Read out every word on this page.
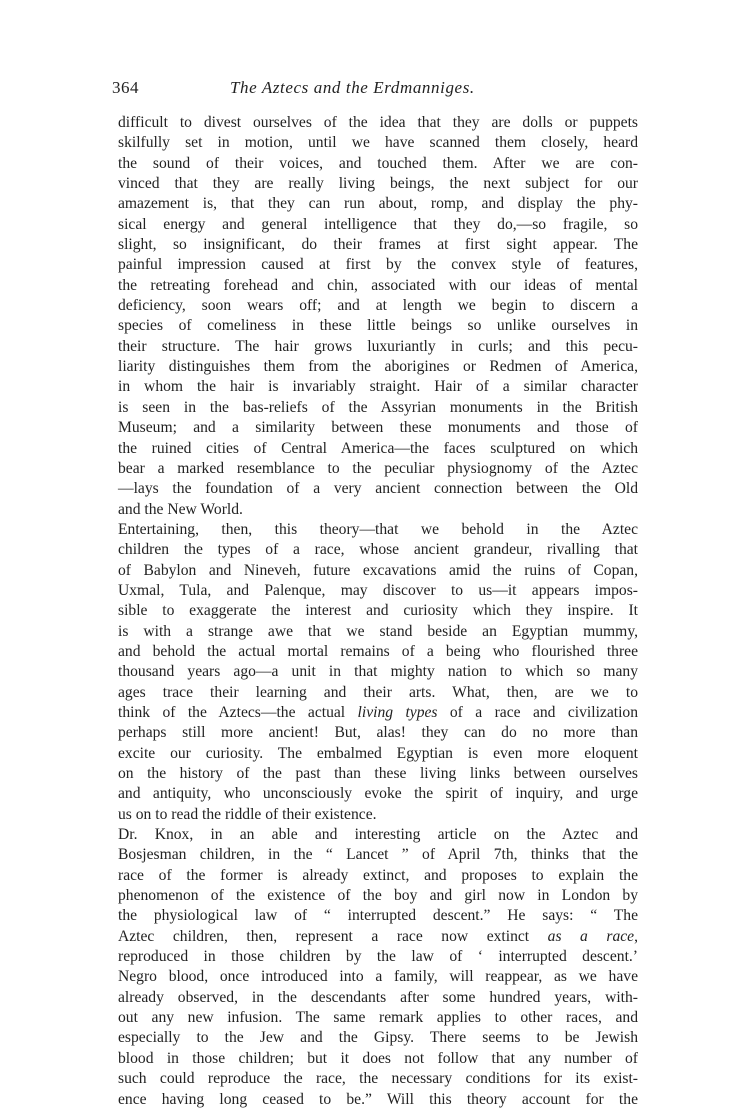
364	The Aztecs and the Erdmanniges.
difficult to divest ourselves of the idea that they are dolls or puppets
skilfully set in motion, until we have scanned them closely, heard
the sound of their voices, and touched them. After we are con-
vinced that they are really living beings, the next subject for our
amazement is, that they can run about, romp, and display the phy-
sical energy and general intelligence that they do,—so fragile, so
slight, so insignificant, do their frames at first sight appear. The
painful impression caused at first by the convex style of features,
the retreating forehead and chin, associated with our ideas of mental
deficiency, soon wears off; and at length we begin to discern a
species of comeliness in these little beings so unlike ourselves in
their structure. The hair grows luxuriantly in curls; and this pecu-
liarity distinguishes them from the aborigines or Redmen of America,
in whom the hair is invariably straight. Hair of a similar character
is seen in the bas-reliefs of the Assyrian monuments in the British
Museum; and a similarity between these monuments and those of
the ruined cities of Central America—the faces sculptured on which
bear a marked resemblance to the peculiar physiognomy of the Aztec
—lays the foundation of a very ancient connection between the Old
and the New World.
Entertaining, then, this theory—that we behold in the Aztec
children the types of a race, whose ancient grandeur, rivalling that
of Babylon and Nineveh, future excavations amid the ruins of Copan,
Uxmal, Tula, and Palenque, may discover to us—it appears impos-
sible to exaggerate the interest and curiosity which they inspire. It
is with a strange awe that we stand beside an Egyptian mummy,
and behold the actual mortal remains of a being who flourished three
thousand years ago—a unit in that mighty nation to which so many
ages trace their learning and their arts. What, then, are we to
think of the Aztecs—the actual living types of a race and civilization
perhaps still more ancient! But, alas! they can do no more than
excite our curiosity. The embalmed Egyptian is even more eloquent
on the history of the past than these living links between ourselves
and antiquity, who unconsciously evoke the spirit of inquiry, and urge
us on to read the riddle of their existence.
Dr. Knox, in an able and interesting article on the Aztec and
Bosjesman children, in the “ Lancet ” of April 7th, thinks that the
race of the former is already extinct, and proposes to explain the
phenomenon of the existence of the boy and girl now in London by
the physiological law of “ interrupted descent.” He says: “ The
Aztec children, then, represent a race now extinct as a race,
reproduced in those children by the law of ‘ interrupted descent.’
Negro blood, once introduced into a family, will reappear, as we have
already observed, in the descendants after some hundred years, with-
out any new infusion. The same remark applies to other races, and
especially to the Jew and the Gipsy. There seems to be Jewish
blood in those children; but it does not follow that any number of
such could reproduce the race, the necessary conditions for its exist-
ence having long ceased to be.” Will this theory account for the
